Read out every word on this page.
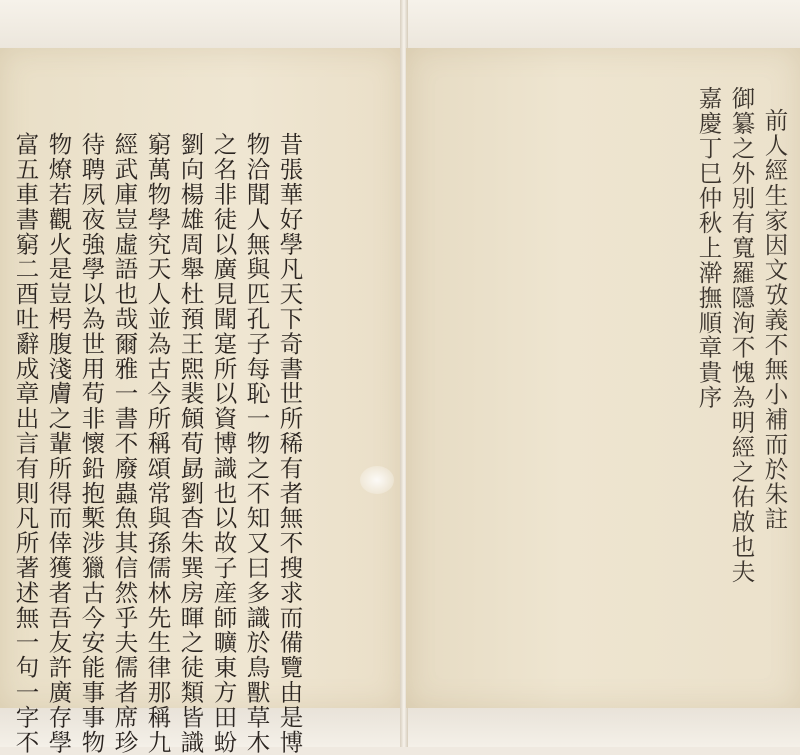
昔張華好學凡天下奇書世所稀有者無不搜求而備覽由是博
物洽聞人無與匹孔子每恥一物之不知又曰多識於鳥獸草木
之名非徒以廣見聞寔所以資博識也以故子産師曠東方田蚡
劉向楊雄周舉杜預王𤋮裴頠荀勗劉杳朱巽房暉之徒類皆識
窮萬物學究天人並為古今所稱頌常與孫儒林先生律那稱九
經武庫豈虛語也哉爾雅一書不廢蟲魚其信然乎夫儒者席珍
待聘夙夜強學以為世用苟非懷鉛抱槧涉獵古今安能事事物
物燎若觀火是豈枵腹淺膚之輩所得而倖獲者吾友許廣存學
富五車書窮二酉吐辭成章出言有則凡所著述無一句一字不	前人經生家因文攷義不無小補而於朱註
御纂之外別有寬羅隱洵不愧為明經之佑啟也夫
嘉慶丁巳仲秋上澣撫順章貴序
